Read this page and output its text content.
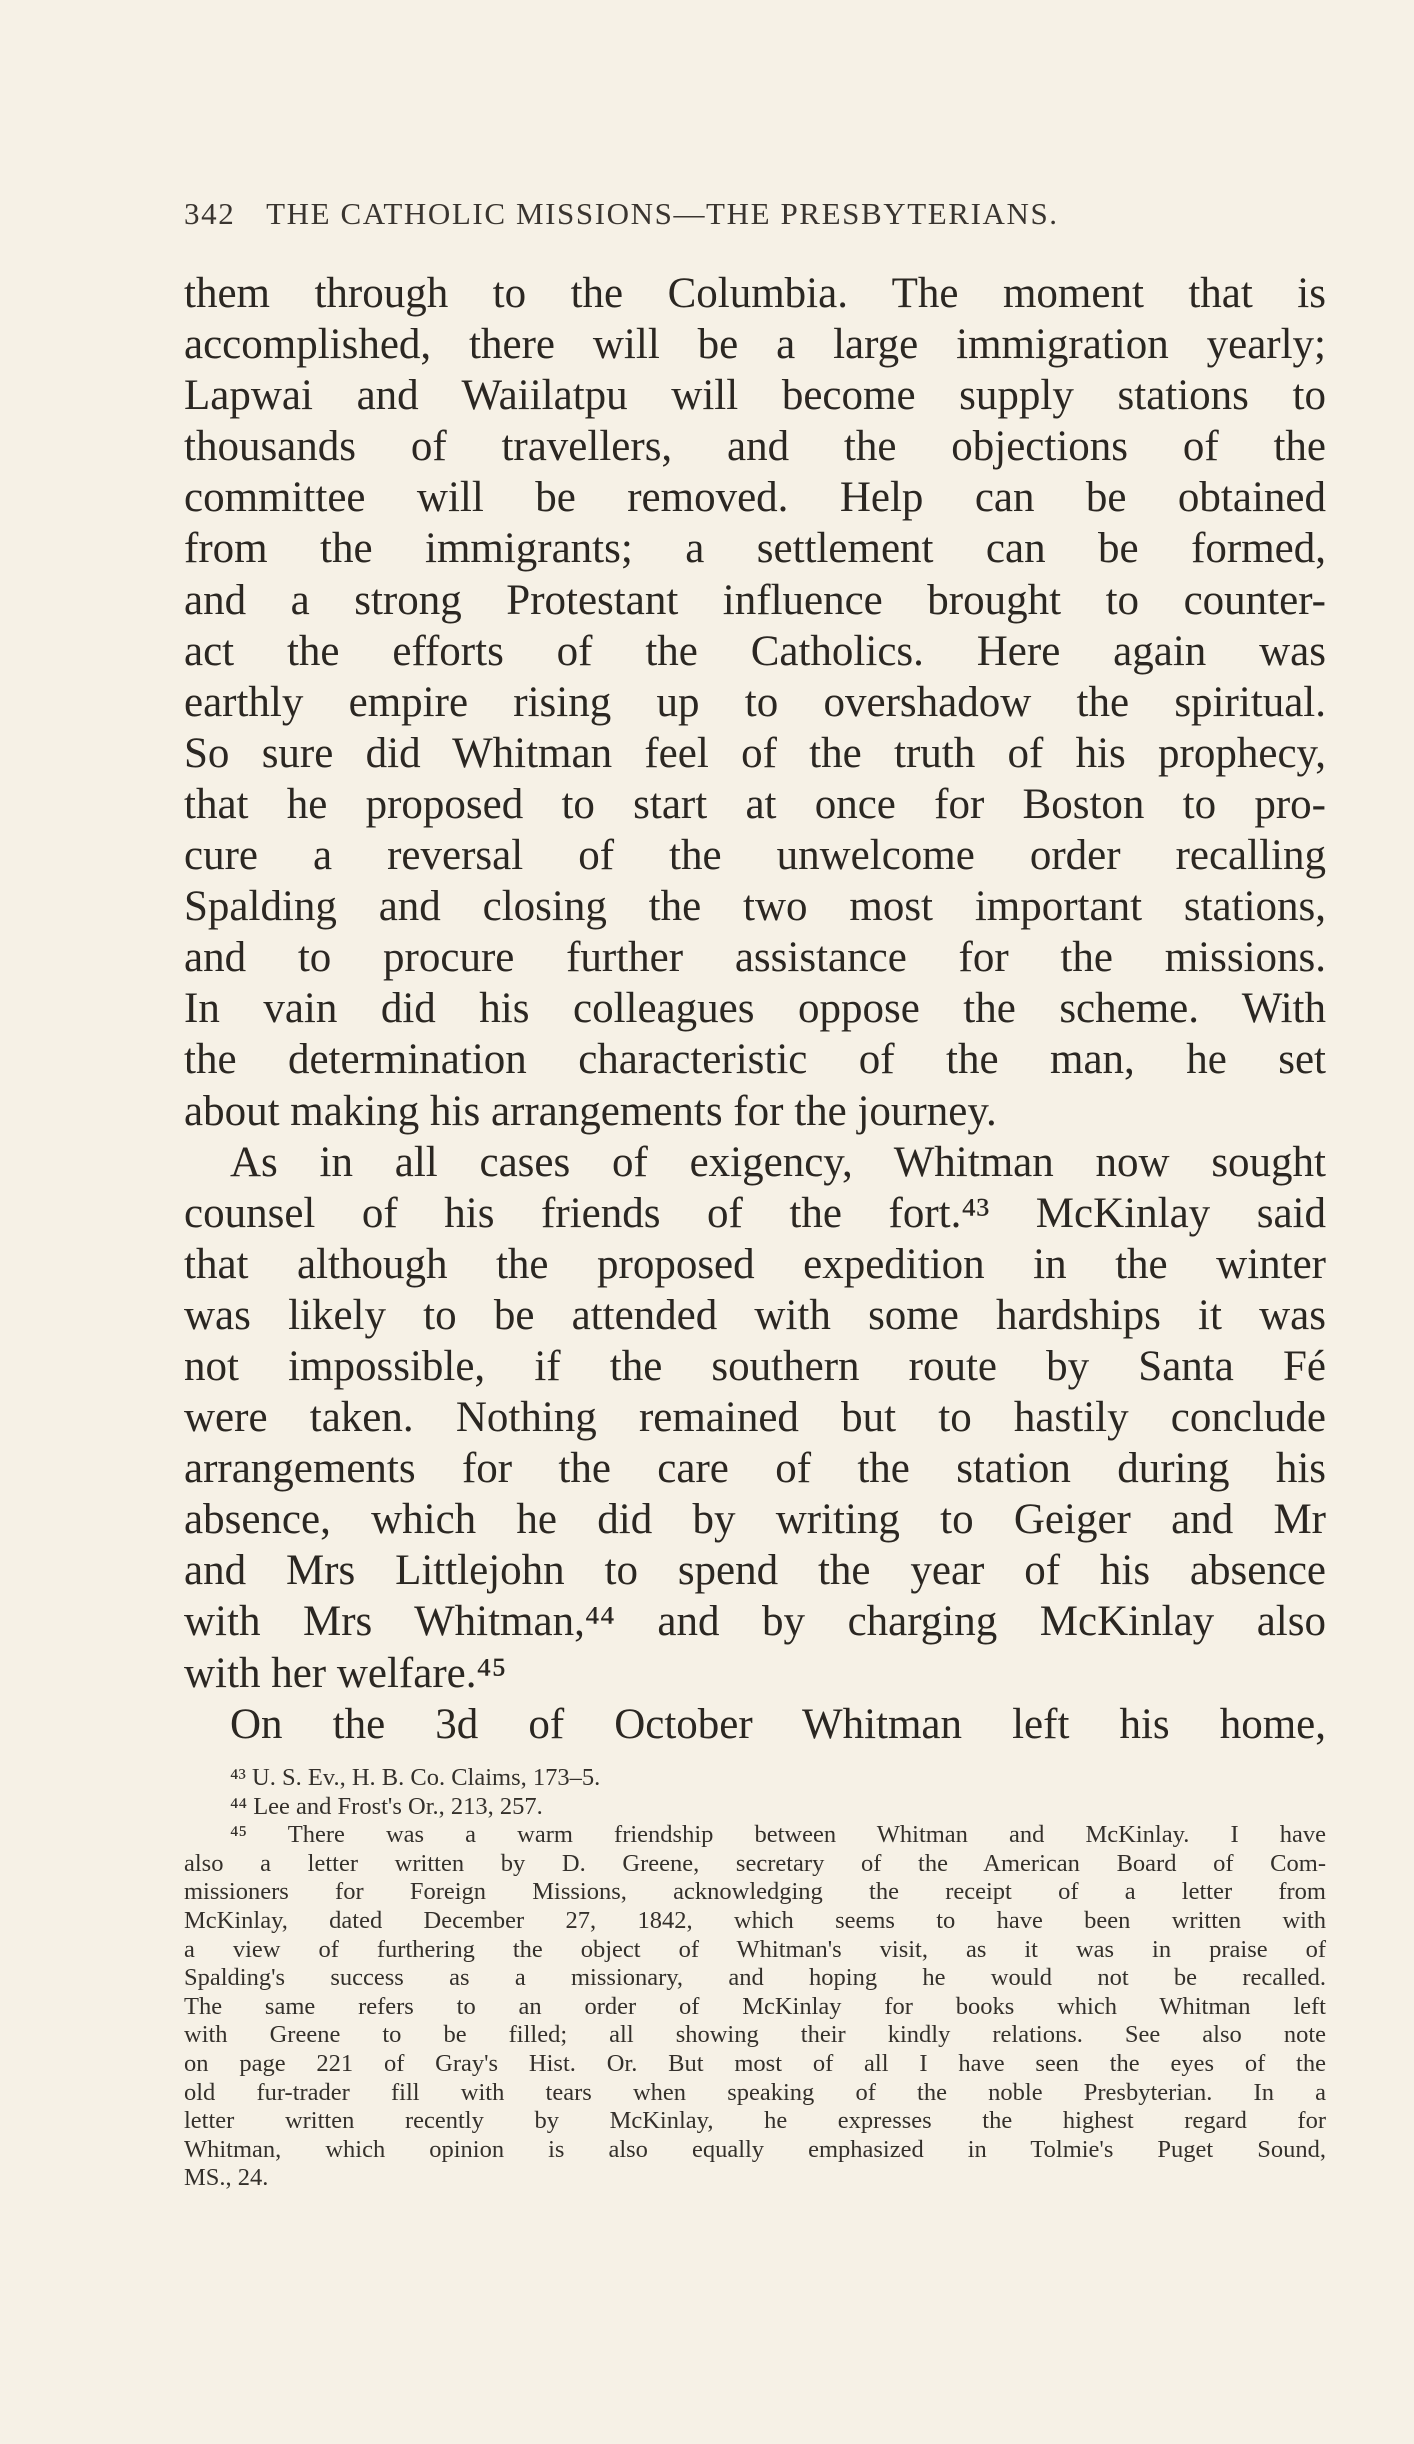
342 THE CATHOLIC MISSIONS—THE PRESBYTERIANS.
them through to the Columbia. The moment that is
accomplished, there will be a large immigration yearly;
Lapwai and Waiilatpu will become supply stations to
thousands of travellers, and the objections of the
committee will be removed. Help can be obtained
from the immigrants; a settlement can be formed,
and a strong Protestant influence brought to counter-
act the efforts of the Catholics. Here again was
earthly empire rising up to overshadow the spiritual.
So sure did Whitman feel of the truth of his prophecy,
that he proposed to start at once for Boston to pro-
cure a reversal of the unwelcome order recalling
Spalding and closing the two most important stations,
and to procure further assistance for the missions.
In vain did his colleagues oppose the scheme. With
the determination characteristic of the man, he set
about making his arrangements for the journey.
As in all cases of exigency, Whitman now sought
counsel of his friends of the fort.⁴³ McKinlay said
that although the proposed expedition in the winter
was likely to be attended with some hardships it was
not impossible, if the southern route by Santa Fé
were taken. Nothing remained but to hastily conclude
arrangements for the care of the station during his
absence, which he did by writing to Geiger and Mr
and Mrs Littlejohn to spend the year of his absence
with Mrs Whitman,⁴⁴ and by charging McKinlay also
with her welfare.⁴⁵
On the 3d of October Whitman left his home,
⁴³ U. S. Ev., H. B. Co. Claims, 173–5.
⁴⁴ Lee and Frost's Or., 213, 257.
⁴⁵ There was a warm friendship between Whitman and McKinlay. I have
also a letter written by D. Greene, secretary of the American Board of Com-
missioners for Foreign Missions, acknowledging the receipt of a letter from
McKinlay, dated December 27, 1842, which seems to have been written with
a view of furthering the object of Whitman's visit, as it was in praise of
Spalding's success as a missionary, and hoping he would not be recalled.
The same refers to an order of McKinlay for books which Whitman left
with Greene to be filled; all showing their kindly relations. See also note
on page 221 of Gray's Hist. Or. But most of all I have seen the eyes of the
old fur-trader fill with tears when speaking of the noble Presbyterian. In a
letter written recently by McKinlay, he expresses the highest regard for
Whitman, which opinion is also equally emphasized in Tolmie's Puget Sound,
MS., 24.
